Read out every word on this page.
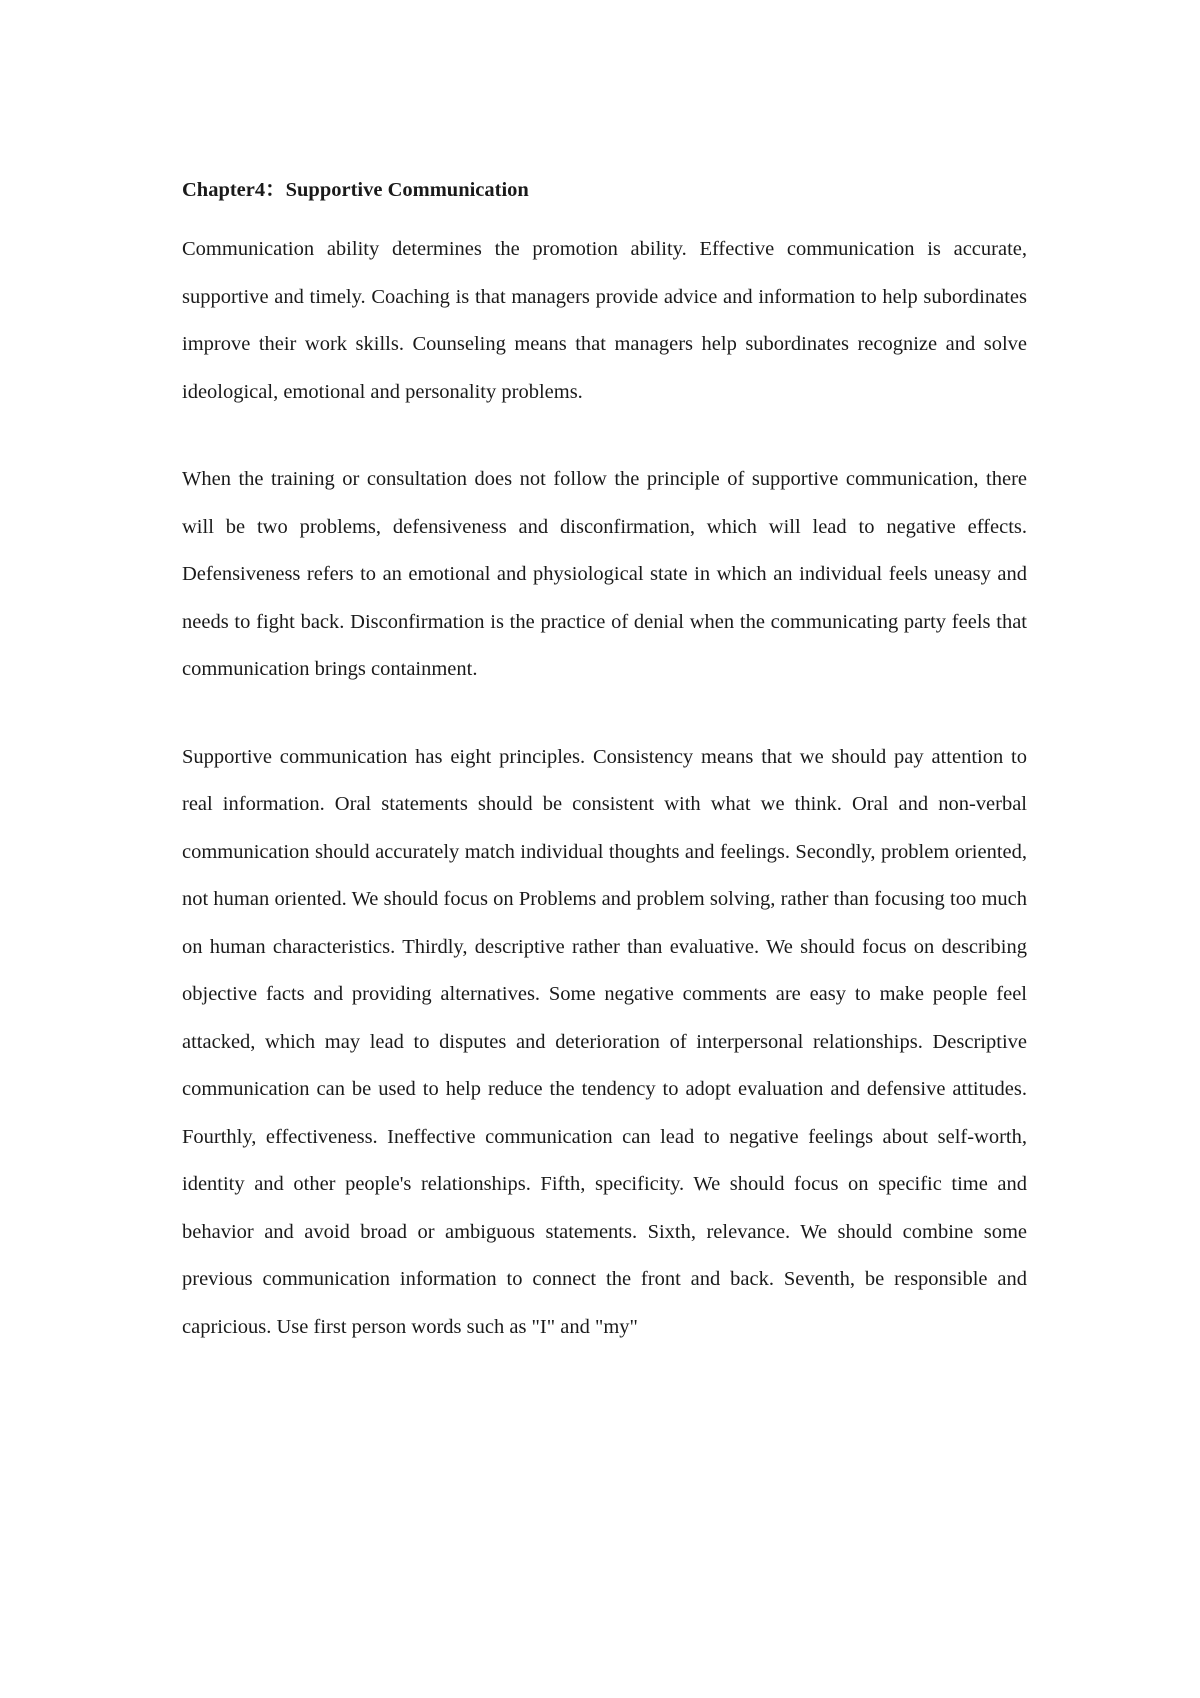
Chapter4：Supportive Communication

Communication ability determines the promotion ability. Effective communication is accurate, supportive and timely. Coaching is that managers provide advice and information to help subordinates improve their work skills. Counseling means that managers help subordinates recognize and solve ideological, emotional and personality problems.

When the training or consultation does not follow the principle of supportive communication, there will be two problems, defensiveness and disconfirmation, which will lead to negative effects. Defensiveness refers to an emotional and physiological state in which an individual feels uneasy and needs to fight back. Disconfirmation is the practice of denial when the communicating party feels that communication brings containment.

Supportive communication has eight principles. Consistency means that we should pay attention to real information. Oral statements should be consistent with what we think. Oral and non-verbal communication should accurately match individual thoughts and feelings. Secondly, problem oriented, not human oriented. We should focus on Problems and problem solving, rather than focusing too much on human characteristics. Thirdly, descriptive rather than evaluative. We should focus on describing objective facts and providing alternatives. Some negative comments are easy to make people feel attacked, which may lead to disputes and deterioration of interpersonal relationships. Descriptive communication can be used to help reduce the tendency to adopt evaluation and defensive attitudes. Fourthly, effectiveness. Ineffective communication can lead to negative feelings about self-worth, identity and other people's relationships. Fifth, specificity. We should focus on specific time and behavior and avoid broad or ambiguous statements. Sixth, relevance. We should combine some previous communication information to connect the front and back. Seventh, be responsible and capricious. Use first person words such as "I" and "my"
